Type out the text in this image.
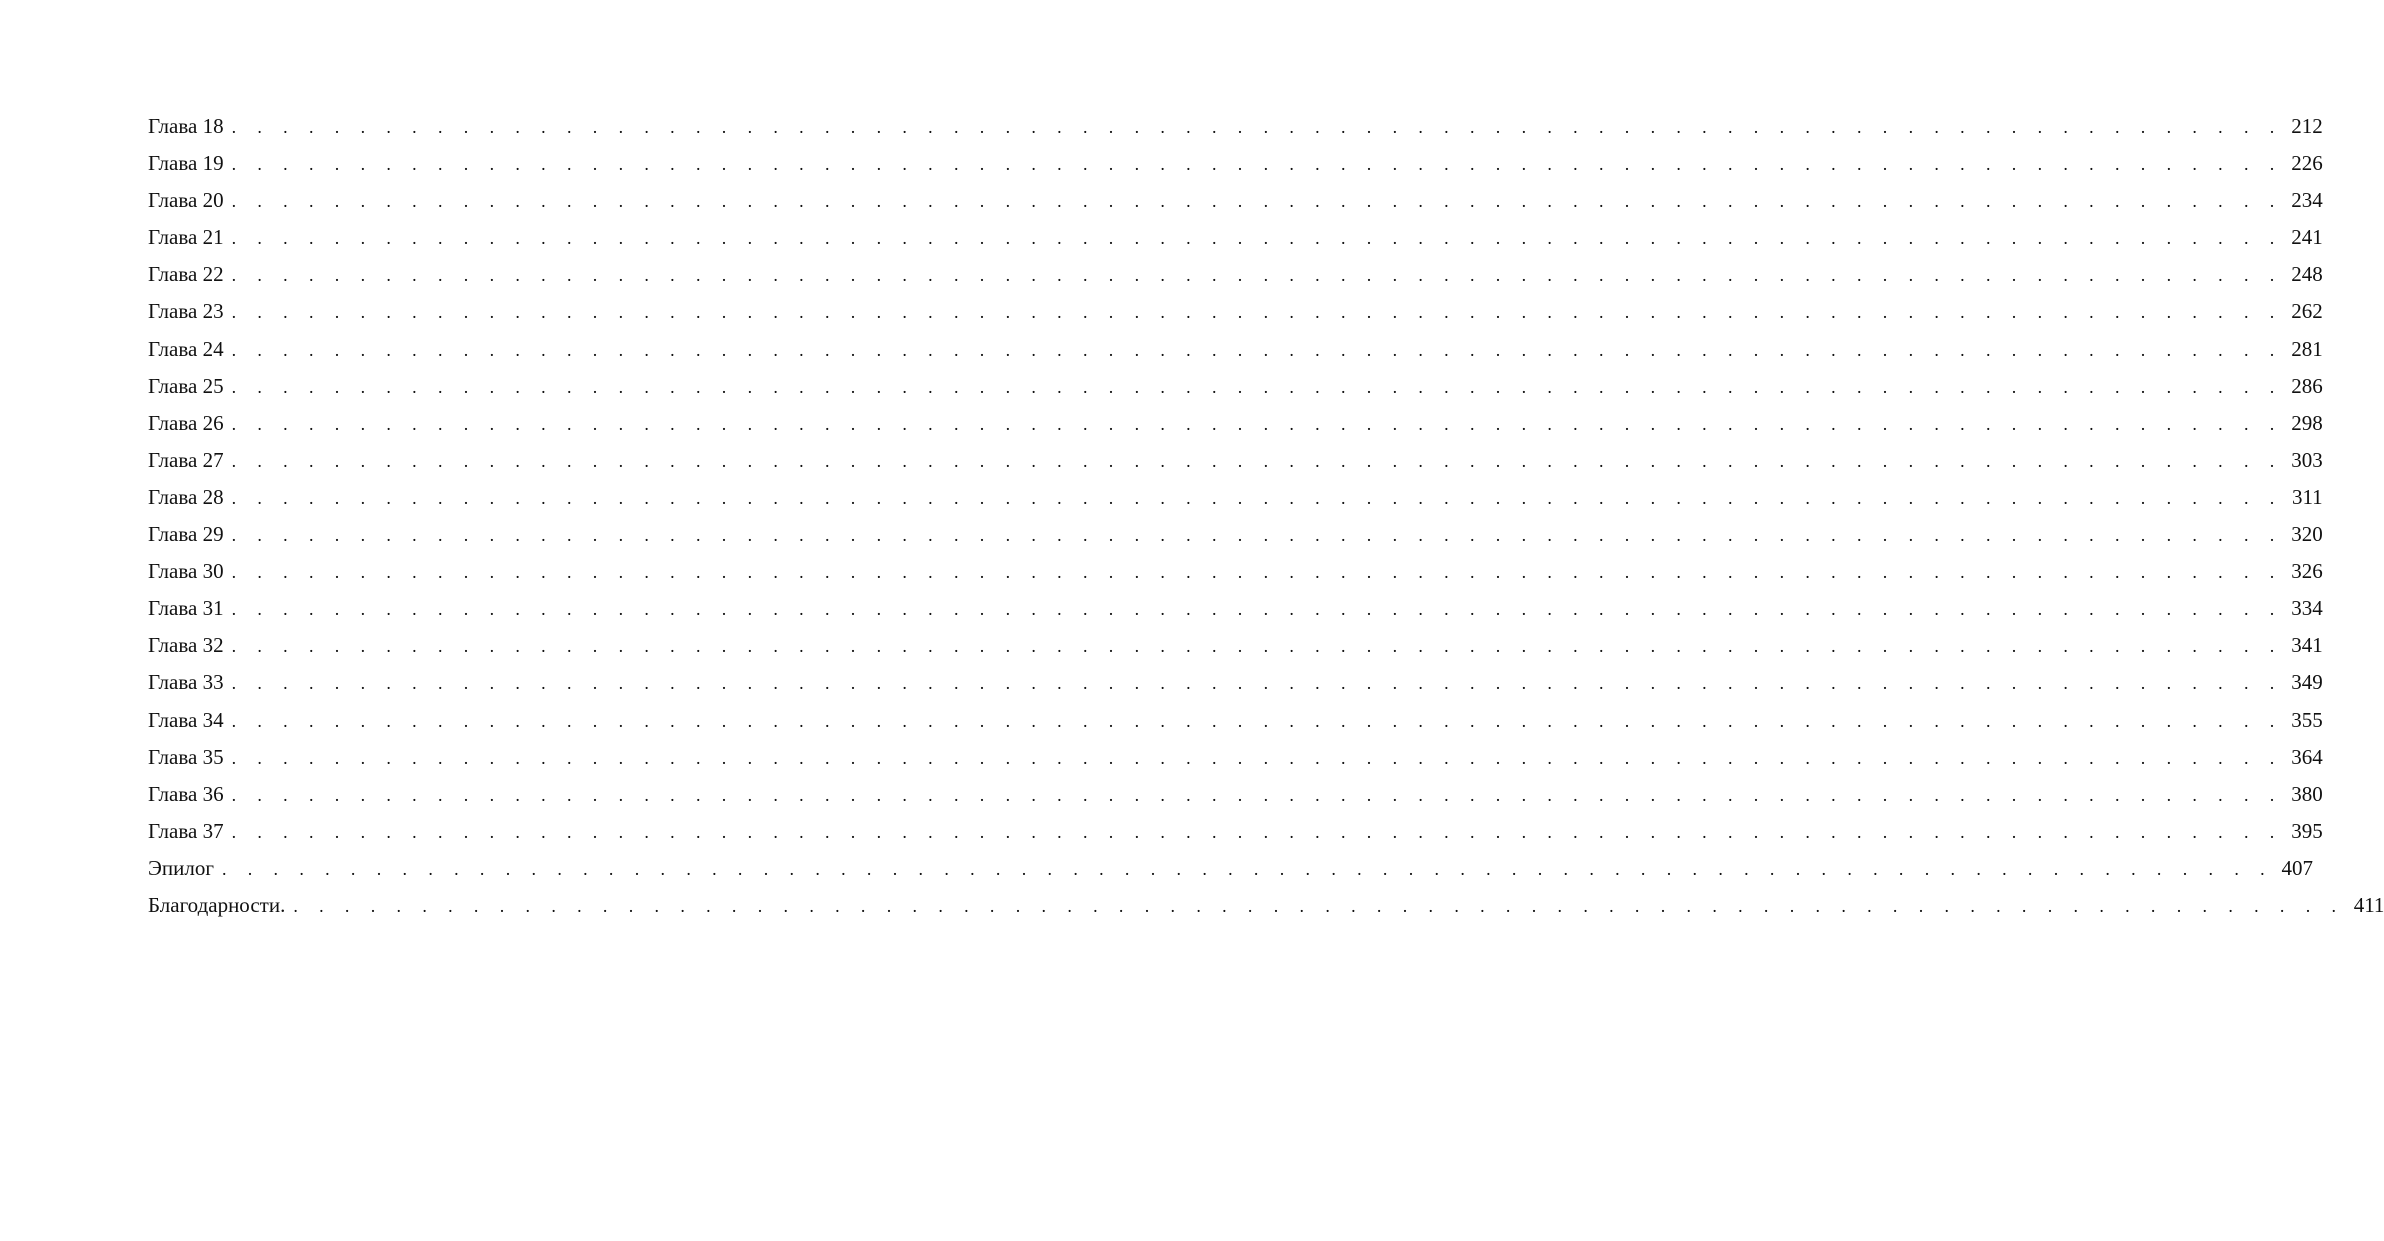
Глава 18 . . . . . . . . . . . . . . . . . . . . . . . . . . . . . . . . . . . . . . . . . . . . . . . . . . . . . . . . . . . . . . . . . . . . . . . . . . . . . . . . 212
Глава 19 . . . . . . . . . . . . . . . . . . . . . . . . . . . . . . . . . . . . . . . . . . . . . . . . . . . . . . . . . . . . . . . . . . . . . . . . . . . . . . . . 226
Глава 20 . . . . . . . . . . . . . . . . . . . . . . . . . . . . . . . . . . . . . . . . . . . . . . . . . . . . . . . . . . . . . . . . . . . . . . . . . . . . . . . . 234
Глава 21 . . . . . . . . . . . . . . . . . . . . . . . . . . . . . . . . . . . . . . . . . . . . . . . . . . . . . . . . . . . . . . . . . . . . . . . . . . . . . . . . 241
Глава 22 . . . . . . . . . . . . . . . . . . . . . . . . . . . . . . . . . . . . . . . . . . . . . . . . . . . . . . . . . . . . . . . . . . . . . . . . . . . . . . . . 248
Глава 23 . . . . . . . . . . . . . . . . . . . . . . . . . . . . . . . . . . . . . . . . . . . . . . . . . . . . . . . . . . . . . . . . . . . . . . . . . . . . . . . . 262
Глава 24 . . . . . . . . . . . . . . . . . . . . . . . . . . . . . . . . . . . . . . . . . . . . . . . . . . . . . . . . . . . . . . . . . . . . . . . . . . . . . . . . 281
Глава 25 . . . . . . . . . . . . . . . . . . . . . . . . . . . . . . . . . . . . . . . . . . . . . . . . . . . . . . . . . . . . . . . . . . . . . . . . . . . . . . . . 286
Глава 26 . . . . . . . . . . . . . . . . . . . . . . . . . . . . . . . . . . . . . . . . . . . . . . . . . . . . . . . . . . . . . . . . . . . . . . . . . . . . . . . . 298
Глава 27 . . . . . . . . . . . . . . . . . . . . . . . . . . . . . . . . . . . . . . . . . . . . . . . . . . . . . . . . . . . . . . . . . . . . . . . . . . . . . . . . 303
Глава 28 . . . . . . . . . . . . . . . . . . . . . . . . . . . . . . . . . . . . . . . . . . . . . . . . . . . . . . . . . . . . . . . . . . . . . . . . . . . . . . . . 311
Глава 29 . . . . . . . . . . . . . . . . . . . . . . . . . . . . . . . . . . . . . . . . . . . . . . . . . . . . . . . . . . . . . . . . . . . . . . . . . . . . . . . . 320
Глава 30 . . . . . . . . . . . . . . . . . . . . . . . . . . . . . . . . . . . . . . . . . . . . . . . . . . . . . . . . . . . . . . . . . . . . . . . . . . . . . . . . 326
Глава 31 . . . . . . . . . . . . . . . . . . . . . . . . . . . . . . . . . . . . . . . . . . . . . . . . . . . . . . . . . . . . . . . . . . . . . . . . . . . . . . . . 334
Глава 32 . . . . . . . . . . . . . . . . . . . . . . . . . . . . . . . . . . . . . . . . . . . . . . . . . . . . . . . . . . . . . . . . . . . . . . . . . . . . . . . . 341
Глава 33 . . . . . . . . . . . . . . . . . . . . . . . . . . . . . . . . . . . . . . . . . . . . . . . . . . . . . . . . . . . . . . . . . . . . . . . . . . . . . . . . 349
Глава 34 . . . . . . . . . . . . . . . . . . . . . . . . . . . . . . . . . . . . . . . . . . . . . . . . . . . . . . . . . . . . . . . . . . . . . . . . . . . . . . . . 355
Глава 35 . . . . . . . . . . . . . . . . . . . . . . . . . . . . . . . . . . . . . . . . . . . . . . . . . . . . . . . . . . . . . . . . . . . . . . . . . . . . . . . . 364
Глава 36 . . . . . . . . . . . . . . . . . . . . . . . . . . . . . . . . . . . . . . . . . . . . . . . . . . . . . . . . . . . . . . . . . . . . . . . . . . . . . . . . 380
Глава 37 . . . . . . . . . . . . . . . . . . . . . . . . . . . . . . . . . . . . . . . . . . . . . . . . . . . . . . . . . . . . . . . . . . . . . . . . . . . . . . . . 395
Эпилог . . . . . . . . . . . . . . . . . . . . . . . . . . . . . . . . . . . . . . . . . . . . . . . . . . . . . . . . . . . . . . . . . . . . . . . . . . . . . . . . 407
Благодарности. . . . . . . . . . . . . . . . . . . . . . . . . . . . . . . . . . . . . . . . . . . . . . . . . . . . . . . . . . . . . . . . . . . . . . . . . . . . . . . . . 411
